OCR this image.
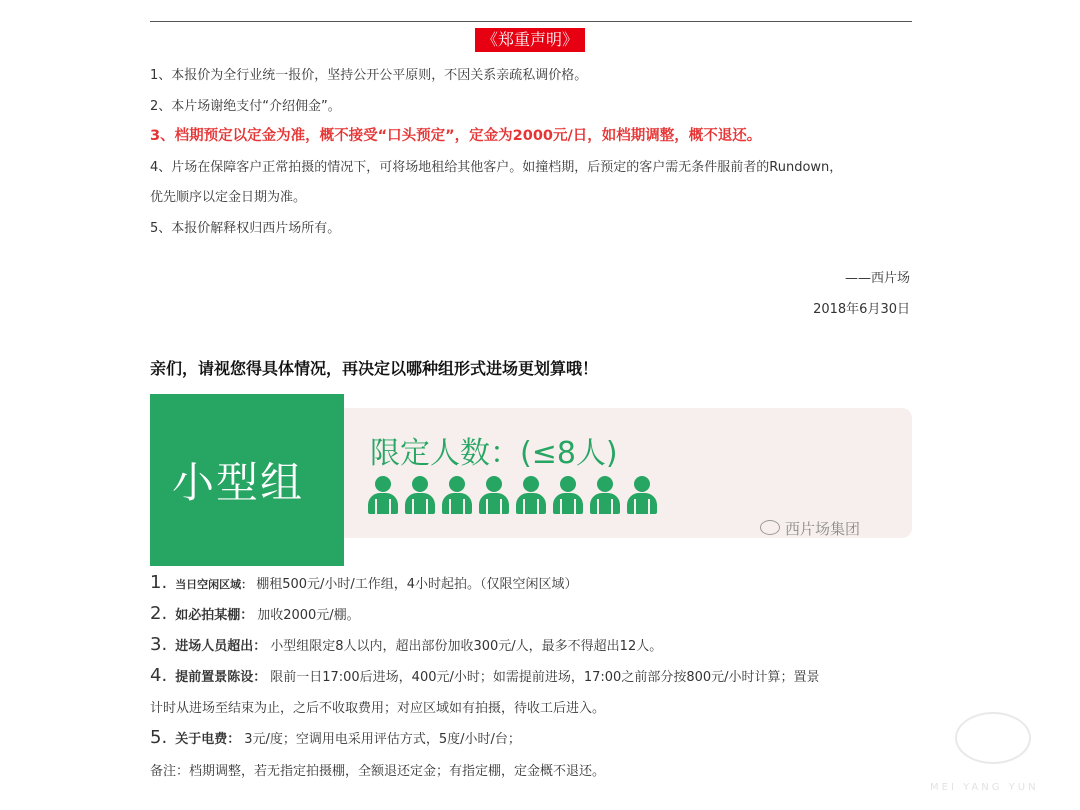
《郑重声明》
1、本报价为全行业统一报价，坚持公开公平原则，不因关系亲疏私调价格。
2、本片场谢绝支付“介绍佣金”。
3、档期预定以定金为准，概不接受“口头预定”，定金为2000元/日，如档期调整，概不退还。
4、片场在保障客户正常拍摄的情况下，可将场地租给其他客户。如撞档期，后预定的客户需无条件服前者的Rundown，
优先顺序以定金日期为准。
5、本报价解释权归西片场所有。
——西片场
2018年6月30日
亲们，请视您得具体情况，再决定以哪种组形式进场更划算哦！
小型组
限定人数：(≤8人)
西片场集团
1. 当日空闲区域： 棚租500元/小时/工作组，4小时起拍。（仅限空闲区域）
2. 如必拍某棚： 加收2000元/棚。
3. 进场人员超出： 小型组限定8人以内，超出部份加收300元/人，最多不得超出12人。
4. 提前置景陈设： 限前一日17:00后进场，400元/小时；如需提前进场，17:00之前部分按800元/小时计算；置景
计时从进场至结束为止，之后不收取费用；对应区域如有拍摄，待收工后进入。
5. 关于电费： 3元/度；空调用电采用评估方式，5度/小时/台；
备注：档期调整，若无指定拍摄棚，全额退还定金；有指定棚，定金概不退还。
MEI YANG YUN
